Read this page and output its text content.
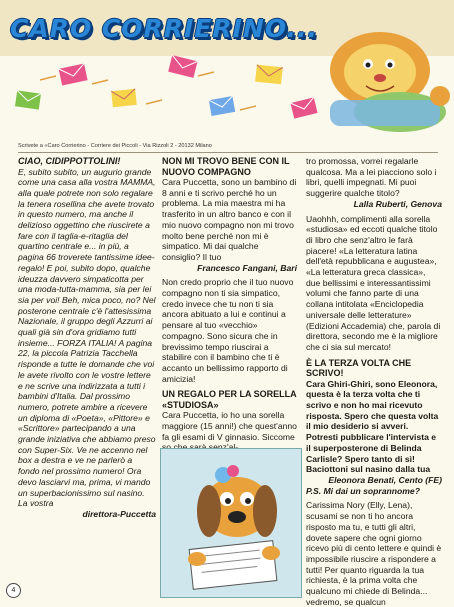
CARO CORRIERINO...
Scrivete a «Caro Corrierino - Corriere dei Piccoli - Via Rizzoli 2 - 20132 Milano

CIAO, CIDIPPOTTOLINI!

E, subito subito, un augurio grande come una casa alla vostra MAMMA, alla quale potrete non solo regalare la tenera rosellina che avete trovato in questo numero, ma anche il delizioso oggettino che riuscirete a fare con il taglia-e-ritaglia del quartino centrale e... in più, a pagina 66 troverete tantissime idee-regalo! E poi, subito dopo, qualche ideuzza davvero simpaticotta per una moda-tutta-mamma, sia per lei sia per voi! Beh, mica poco, no? Nel posterone centrale c'è l'attesissima Nazionale, il gruppo degli Azzurri ai quali già sin d'ora gridiamo tutti insieme... FORZA ITALIA! A pagina 22, la piccola Patrizia Tacchella risponde a tutte le domande che voi le avete rivolto con le vostre lettere e ne scrive una indirizzata a tutti i bambini d'Italia. Dal prossimo numero, potrete ambire a ricevere un diploma di «Poeta», «Pittore» e «Scrittore» partecipando a una grande iniziativa che abbiamo preso con Super-Six. Ve ne accenno nel box a destra e ve ne parlerò a fondo nel prossimo numero! Ora devo lasciarvi ma, prima, vi mando un superbacionissimo sul nasino. La vostra

direttora-Puccetta

NON MI TROVO BENE CON IL NUOVO COMPAGNO

Cara Puccetta, sono un bambino di 8 anni e ti scrivo perché ho un problema. La mia maestra mi ha trasferito in un altro banco e con il mio nuovo compagno non mi trovo molto bene perché non mi è simpatico. Mi dai qualche consiglio? Il tuo

Francesco Fangani, Bari

Non credo proprio che il tuo nuovo compagno non ti sia simpatico, credo invece che tu non ti sia ancora abituato a lui e continui a pensare al tuo «vecchio» compagno. Sono sicura che in brevissimo tempo riuscirai a stabilire con il bambino che ti è accanto un bellissimo rapporto di amicizia!

UN REGALO PER LA SORELLA «STUDIOSA»

Cara Puccetta, io ho una sorella maggiore (15 anni!) che quest'anno fa gli esami di V ginnasio. Siccome

tro promossa, vorrei regalarle qualcosa. Ma a lei piacciono solo i libri, quelli impegnati. Mi puoi suggerire qualche titolo?

Lalla Ruberti, Genova

Uaohhh, complimenti alla sorella «studiosa» ed eccoti qualche titolo di libro che senz'altro le farà piacere! «La letteratura latina dell'età repubblicana e augustea», «La letteratura greca classica», due bellissimi e interessantissimi volumi che fanno parte di una collana intitolata «Enciclopedia universale delle letterature» (Edizioni Accademia) che, parola di direttora, secondo me è la migliore che ci sia sul mercato!

È LA TERZA VOLTA CHE SCRIVO!

Cara Ghiri-Ghiri, sono Eleonora, questa è la terza volta che ti scrivo e non ho mai ricevuto risposta. Spero che questa volta il mio desiderio si avveri. Potresti pubblicare l'intervista e il superposterone di Belinda Carlisle? Spero tanto di sì! Baciottoni sul nasino dalla tua

Eleonora Benati, Cento (FE)

P.S. Mi dai un soprannome?

Carissima Nory (Elly, Lena), scusami se non ti ho ancora risposto ma tu, e tutti gli altri, dovete sapere che ogni giorno ricevo più di cento lettere e quindi è impossibile riuscire a rispondere a tutti! Per quanto riguarda la tua richiesta, è la prima volta che qualcuno mi chiede di Belinda... vedremo, se qualcun

4
